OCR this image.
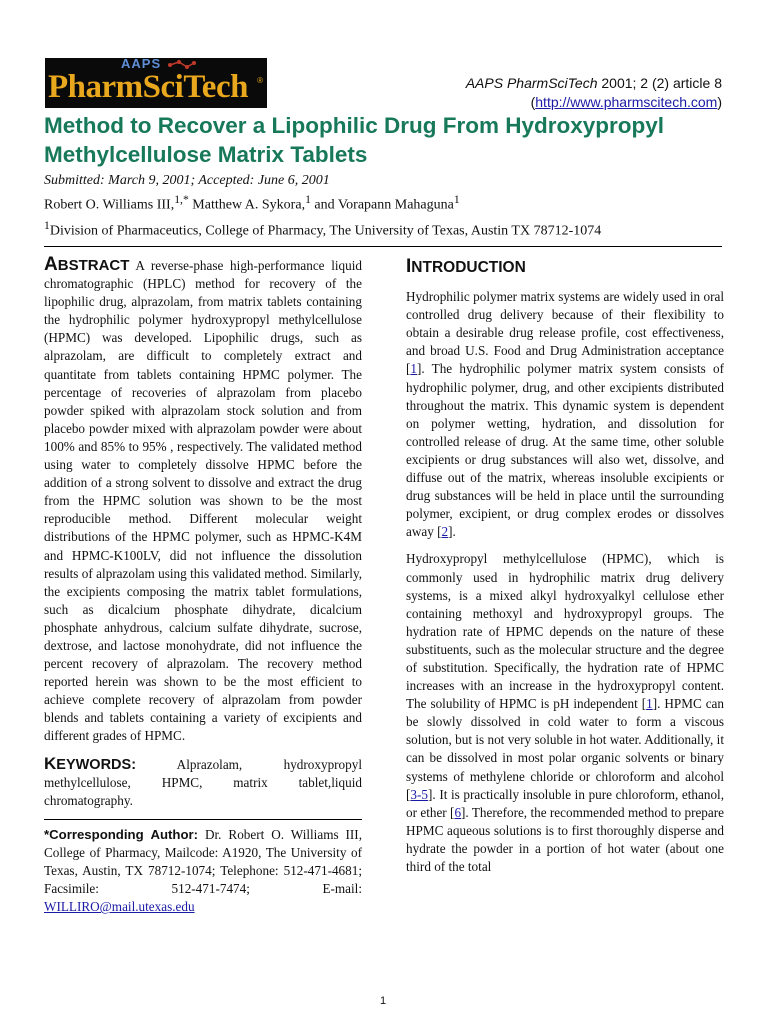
AAPS
PharmSciTech ®	AAPS PharmSciTech 2001; 2 (2) article 8
(http://www.pharmscitech.com)
Method to Recover a Lipophilic Drug From Hydroxypropyl Methylcellulose Matrix Tablets
Submitted: March 9, 2001; Accepted: June 6, 2001
Robert O. Williams III,$^{1,*}$ Matthew A. Sykora,$^1$ and Vorapann Mahaguna$^1$
$^1$Division of Pharmaceutics, College of Pharmacy, The University of Texas, Austin TX 78712-1074

ABSTRACT A reverse-phase high-performance liquid chromatographic (HPLC) method for recovery of the lipophilic drug, alprazolam, from matrix tablets containing the hydrophilic polymer hydroxypropyl methylcellulose (HPMC) was developed. Lipophilic drugs, such as alprazolam, are difficult to completely extract and quantitate from tablets containing HPMC polymer. The percentage of recoveries of alprazolam from placebo powder spiked with alprazolam stock solution and from placebo powder mixed with alprazolam powder were about 100% and 85% to 95% , respectively. The validated method using water to completely dissolve HPMC before the addition of a strong solvent to dissolve and extract the drug from the HPMC solution was shown to be the most reproducible method. Different molecular weight distributions of the HPMC polymer, such as HPMC-K4M and HPMC-K100LV, did not influence the dissolution results of alprazolam using this validated method. Similarly, the excipients composing the matrix tablet formulations, such as dicalcium phosphate dihydrate, dicalcium phosphate anhydrous, calcium sulfate dihydrate, sucrose, dextrose, and lactose monohydrate, did not influence the percent recovery of alprazolam. The recovery method reported herein was shown to be the most efficient to achieve complete recovery of alprazolam from powder blends and tablets containing a variety of excipients and different grades of HPMC.

KEYWORDS: Alprazolam, hydroxypropyl methylcellulose, HPMC, matrix tablet,liquid chromatography.

*Corresponding Author: Dr. Robert O. Williams III, College of Pharmacy, Mailcode: A1920, The University of Texas, Austin, TX 78712-1074; Telephone: 512-471-4681; Facsimile: 512-471-7474; E-mail: WILLIRO@mail.utexas.edu
INTRODUCTION

Hydrophilic polymer matrix systems are widely used in oral controlled drug delivery because of their flexibility to obtain a desirable drug release profile, cost effectiveness, and broad U.S. Food and Drug Administration acceptance [1]. The hydrophilic polymer matrix system consists of hydrophilic polymer, drug, and other excipients distributed throughout the matrix. This dynamic system is dependent on polymer wetting, hydration, and dissolution for controlled release of drug. At the same time, other soluble excipients or drug substances will also wet, dissolve, and diffuse out of the matrix, whereas insoluble excipients or drug substances will be held in place until the surrounding polymer, excipient, or drug complex erodes or dissolves away [2].

Hydroxypropyl methylcellulose (HPMC), which is commonly used in hydrophilic matrix drug delivery systems, is a mixed alkyl hydroxyalkyl cellulose ether containing methoxyl and hydroxypropyl groups. The hydration rate of HPMC depends on the nature of these substituents, such as the molecular structure and the degree of substitution. Specifically, the hydration rate of HPMC increases with an increase in the hydroxypropyl content. The solubility of HPMC is pH independent [1]. HPMC can be slowly dissolved in cold water to form a viscous solution, but is not very soluble in hot water. Additionally, it can be dissolved in most polar organic solvents or binary systems of methylene chloride or chloroform and alcohol [3-5]. It is practically insoluble in pure chloroform, ethanol, or ether [6]. Therefore, the recommended method to prepare HPMC aqueous solutions is to first thoroughly disperse and hydrate the powder in a portion of hot water (about one third of the total

1
